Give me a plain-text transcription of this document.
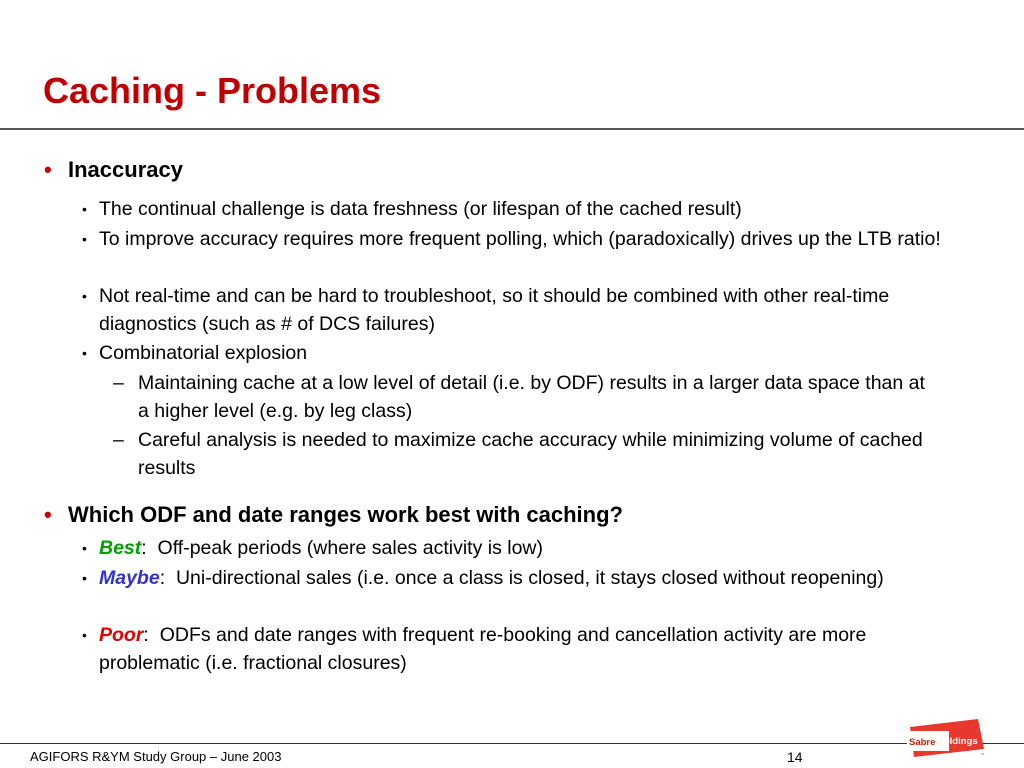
Caching - Problems
• Inaccuracy
• The continual challenge is data freshness (or lifespan of the cached result)
• To improve accuracy requires more frequent polling, which (paradoxically) drives up the LTB ratio!
• Not real-time and can be hard to troubleshoot, so it should be combined with other real-time diagnostics (such as # of DCS failures)
• Combinatorial explosion
– Maintaining cache at a low level of detail (i.e. by ODF) results in a larger data space than at a higher level (e.g. by leg class)
– Careful analysis is needed to maximize cache accuracy while minimizing volume of cached results
• Which ODF and date ranges work best with caching?
• Best: Off-peak periods (where sales activity is low)
• Maybe: Uni-directional sales (i.e. once a class is closed, it stays closed without reopening)
• Poor: ODFs and date ranges with frequent re-booking and cancellation activity are more problematic (i.e. fractional closures)
AGIFORS R&YM Study Group – June 2003	14
Sabre Holdings
™
